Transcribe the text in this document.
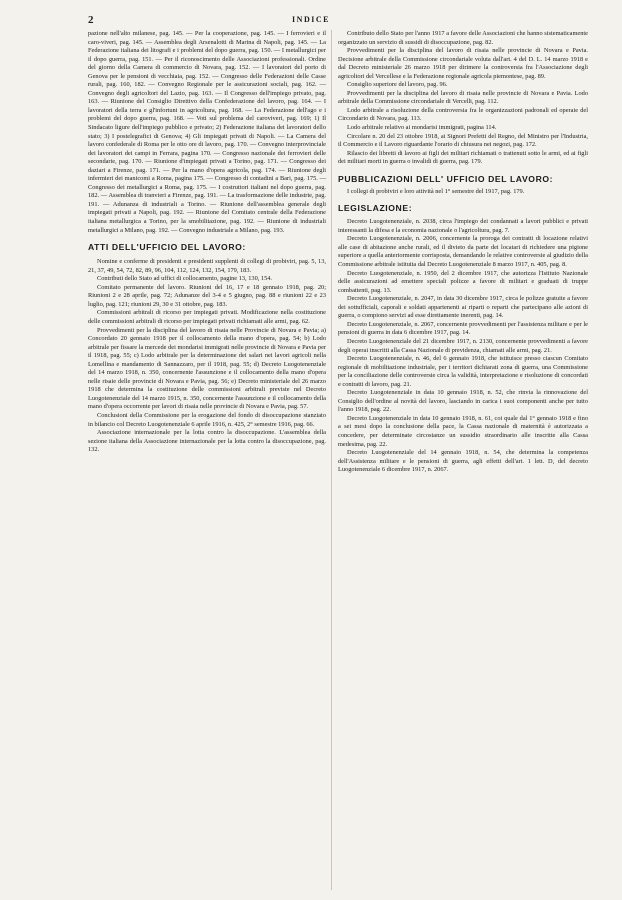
2	INDICE

pazione nell'alto milanese, pag. 145. — Per la cooperazione, pag. 145. — I ferrovieri e il caro-viveri, pag. 145. — Assemblea degli Arsenalotti di Marina di Napoli, pag. 145. — La Federazione italiana dei litografi e i problemi del dopo guerra, pag. 150. — I metallurgici per il dopo guerra, pag. 151. — Per il riconoscimento delle Associazioni professionali. Ordine del giorno della Camera di commercio di Novara, pag. 152. — I lavoratori del porto di Genova per le pensioni di vecchiaia, pag. 152. — Congresso delle Federazioni delle Casse rurali, pag. 160, 182. — Convegno Regionale per le assicurazioni sociali, pag. 162. — Convegno degli agricoltori del Lazio, pag. 163. — Il Congresso dell'impiego privato, pag. 163. — Riunione del Consiglio Direttivo della Confederazione del lavoro, pag. 164. — I lavoratori della terra e gl'infortuni in agricoltura, pag. 168. — La Federazione dell'ago e i problemi del dopo guerra, pag. 168. — Voti sul problema del caroviveri, pag. 169; 1) Il Sindacato ligure dell'impiego pubblico e privato; 2) Federazione italiana dei lavoratori dello stato; 3) I postelegrafici di Genova; 4) Gli impiegati privati di Napoli. — La Camera del lavoro confederale di Roma per le otto ore di lavoro, pag. 170. — Convegno interprovinciale dei lavoratori dei campi in Ferrara, pagina 170. — Congresso nazionale dei ferrovieri delle secondarie, pag. 170. — Riunione d'impiegati privati a Torino, pag. 171. — Congresso dei daziari a Firenze, pag. 171. — Per la mano d'opera agricola, pag. 174. — Riunione degli infermieri dei manicomi a Roma, pagina 175. — Congresso di contadini a Bari, pag. 175. — Congresso dei metallurgici a Roma, pag. 175. — I costruttori italiani nel dopo guerra, pag. 182. — Assemblea di tranvieri a Firenze, pag. 191. — La trasformazione delle industrie, pag. 191. — Adunanza di industriali a Torino. — Riunione dell'assemblea generale degli impiegati privati a Napoli, pag. 192. — Riunione del Comitato centrale della Federazione italiana metallurgica a Torino, per la smobilitazione, pag. 192. — Riunione di industriali metallurgici a Milano, pag. 192. — Convegno industriale a Milano, pag. 193.

ATTI DELL'UFFICIO DEL LAVORO:

Nomine e conferme di presidenti e presidenti supplenti di collegi di probiviri, pag. 5, 13, 21, 37, 49, 54, 72, 82, 89, 96, 104, 112, 124, 132, 154, 179, 183.

Contributi dello Stato ad uffici di collocamento, pagine 13, 130, 154.

Comitato permanente del lavoro. Riunioni del 16, 17 e 18 gennaio 1918, pag. 20; Riunioni 2 e 28 aprile, pag. 72; Adunanze del 3-4 e 5 giugno, pag. 88 e riunioni 22 e 23 luglio, pag. 121; riunioni 29, 30 e 31 ottobre, pag. 183.

Commissioni arbitrali di ricorso per impiegati privati. Modificazione nella costituzione delle commissioni arbitrali di ricorso per impiegati privati richiamati alle armi, pag. 62.

Provvedimenti per la disciplina del lavoro di risaia nelle Provincie di Novara e Pavia; a) Concordato 20 gennaio 1918 per il collocamento della mano d'opera, pag. 54; b) Lodo arbitrale per fissare la mercede dei mondarisi immigrati nelle provincie di Novara e Pavia per il 1918, pag. 55; c) Lodo arbitrale per la determinazione dei salari nei lavori agricoli nella Lomellina e mandamento di Sannazzaro, per il 1918, pag. 55; d) Decreto Luogotenenziale del 14 marzo 1918, n. 350, concernente l'assunzione e il collocamento della mano d'opera nelle risaie delle provincie di Novara e Pavia, pag. 56; e) Decreto ministeriale del 26 marzo 1918 che determina la costituzione delle commissioni arbitrali previste nel Decreto Luogotenenziale del 14 marzo 1915, n. 350, concernente l'assunzione e il collocamento della mano d'opera occorrente per lavori di risaia nelle provincie di Novara e Pavia, pag. 57.

Conclusioni della Commissione per la erogazione del fondo di disoccupazione stanziato in bilancio col Decreto Luogotenenziale 6 aprile 1916, n. 425, 2° semestre 1916, pag. 66.

Associazione internazionale per la lotta contro la disoccupazione. L'assemblea della sezione italiana della Associazione internazionale per la lotta contro la disoccupazione, pag. 132.

Contributo dello Stato per l'anno 1917 a favore delle Associazioni che hanno sistematicamente organizzato un servizio di sussidi di disoccupazione, pag. 82.

Provvedimenti per la disciplina del lavoro di risaia nelle provincie di Novara e Pavia. Decisione arbitrale della Commissione circondariale voluta dall'art. 4 del D. L. 14 marzo 1918 e dal Decreto ministeriale 26 marzo 1918 per dirimere la controversia fra l'Associazione degli agricoltori del Vercellese e la Federazione regionale agricola piemontese, pag. 89.

Consiglio superiore del lavoro, pag. 96.

Provvedimenti per la disciplina del lavoro di risaia nelle provincie di Novara e Pavia. Lodo arbitrale della Commissione circondariale di Vercelli, pag. 112.

Lodo arbitrale a risoluzione della controversia fra le organizzazioni padronali ed operaie del Circondario di Novara, pag. 113.

Lodo arbitrale relativo ai mondarisi immigrati, pagina 114.

Circolare n. 20 del 23 ottobre 1918, ai Signori Prefetti del Regno, del Ministro per l'Industria, il Commercio e il Lavoro riguardante l'orario di chiusura nei negozi, pag. 172.

Rilascio dei libretti di lavoro ai figli dei militari richiamati o trattenuti sotto le armi, ed ai figli dei militari morti in guerra o invalidi di guerra, pag. 179.

PUBBLICAZIONI DELL' UFFICIO DEL LAVORO:

I collegi di probiviri e loro attività nel 1° semestre del 1917, pag. 179.

LEGISLAZIONE:

Decreto Luogotenenziale, n. 2038, circa l'impiego dei condannati a lavori pubblici e privati interessanti la difesa e la economia nazionale o l'agricoltura, pag. 7.

Decreto Luogotenenziale, n. 2006, concernente la proroga dei contratti di locazione relativi alle case di abitazione anche rurali, ed il divieto da parte dei locatari di richiedere una pigione superiore a quella anteriormente corrisposta, demandando le relative controversie al giudizio della Commissione arbitrale istituita dal Decreto Luogotenenziale 8 marzo 1917, n. 405, pag. 8.

Decreto Luogotenenziale, n. 1950, del 2 dicembre 1917, che autorizza l'Istituto Nazionale delle assicurazioni ad emettere speciali polizze a favore di militari e graduati di truppe combattenti, pag. 13.

Decreto Luogotenenziale, n. 2047, in data 30 dicembre 1917, circa le polizze gratuite a favore dei sottufficiali, caporali e soldati appartenenti ai riparti o reparti che partecipano alle azioni di guerra, o compiono servizi ad esse direttamente inerenti, pag. 14.

Decreto Luogotenenziale, n. 2067, concernente provvedimenti per l'assistenza militare e per le pensioni di guerra in data 6 dicembre 1917, pag. 14.

Decreto Luogotenenziale del 21 dicembre 1917, n. 2130, concernente provvedimenti a favore degli operai inscritti alla Cassa Nazionale di previdenza, chiamati alle armi, pag. 21.

Decreto Luogotenenziale, n. 46, del 6 gennaio 1918, che istituisce presso ciascun Comitato regionale di mobilitazione industriale, per i territori dichiarati zona di guerra, una Commissione per la conciliazione delle controversie circa la validità, interpretazione e risoluzione di concordati e contratti di lavoro, pag. 21.

Decreto Luogotenenziale in data 10 gennaio 1918, n. 52, che rinvia la rinnovazione del Consiglio dell'ordine al novità del lavoro, lasciando in carica i suoi componenti anche per tutto l'anno 1918, pag. 22.

Decreto Luogotenenziale in data 10 gennaio 1918, n. 61, coi quale dal 1° gennaio 1918 e fino a sei mesi dopo la conclusione della pace, la Cassa nazionale di maternità è autorizzata a concedere, per determinate circostanze un sussidio straordinario alle inscritte alla Cassa medesima, pag. 22.

Decreto Luogotenenziale del 14 gennaio 1918, n. 54, che determina la competenza dell'Assistenza militare e le pensioni di guerra, agli effetti dell'art. 1 lett. D, del decreto Luogotenenziale 6 dicembre 1917, n. 2067.
